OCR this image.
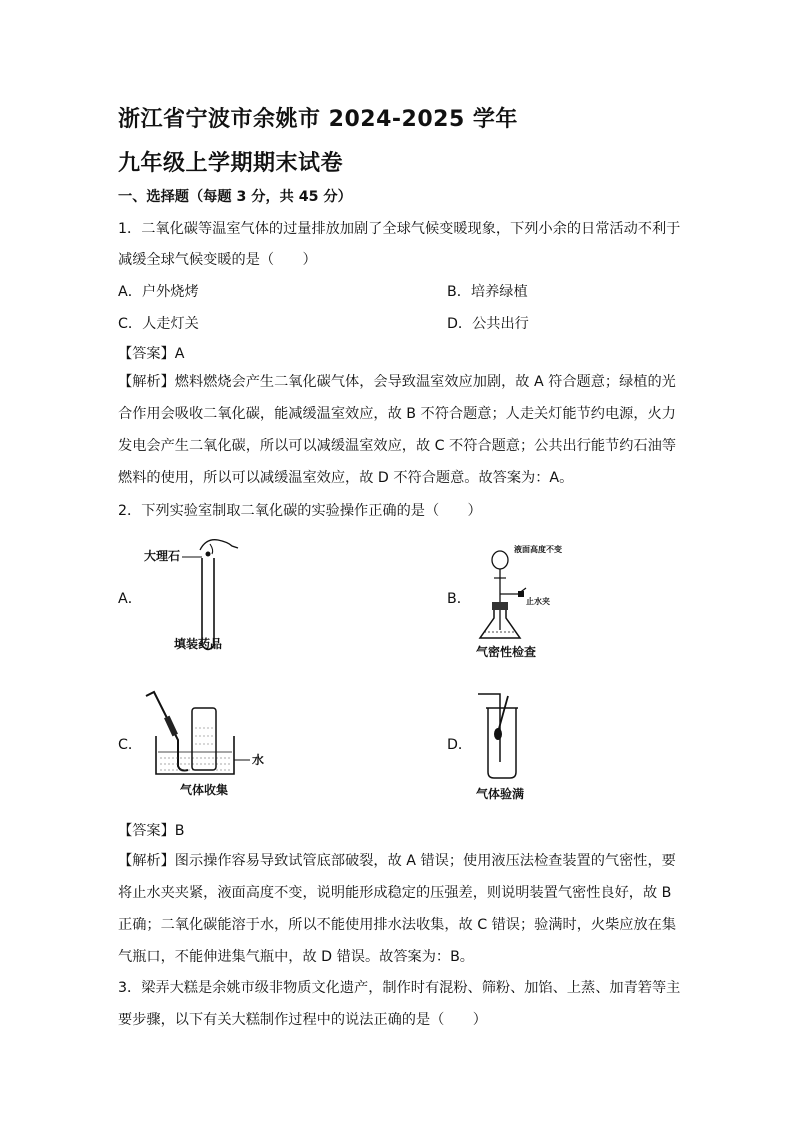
浙江省宁波市余姚市 2024-2025 学年
九年级上学期期末试卷
一、选择题（每题 3 分，共 45 分）
1．二氧化碳等温室气体的过量排放加剧了全球气候变暖现象，下列小余的日常活动不利于
减缓全球气候变暖的是（　　）
A．户外烧烤	B．培养绿植
C．人走灯关	D．公共出行
【答案】A
【解析】燃料燃烧会产生二氧化碳气体，会导致温室效应加剧，故 A 符合题意；绿植的光
合作用会吸收二氧化碳，能减缓温室效应，故 B 不符合题意；人走关灯能节约电源，火力
发电会产生二氧化碳，所以可以减缓温室效应，故 C 不符合题意；公共出行能节约石油等
燃料的使用，所以可以减缓温室效应，故 D 不符合题意。故答案为：A。
2．下列实验室制取二氧化碳的实验操作正确的是（　　）
A．	B．
C．	D．
大理石
填装药品
液面高度不变
止水夹
气密性检查
水
气体收集	气体验满
【答案】B
【解析】图示操作容易导致试管底部破裂，故 A 错误；使用液压法检查装置的气密性，要
将止水夹夹紧，液面高度不变，说明能形成稳定的压强差，则说明装置气密性良好，故 B
正确；二氧化碳能溶于水，所以不能使用排水法收集，故 C 错误；验满时，火柴应放在集
气瓶口，不能伸进集气瓶中，故 D 错误。故答案为：B。
3．梁弄大糕是余姚市级非物质文化遗产，制作时有混粉、筛粉、加馅、上蒸、加青箬等主
要步骤，以下有关大糕制作过程中的说法正确的是（　　）
